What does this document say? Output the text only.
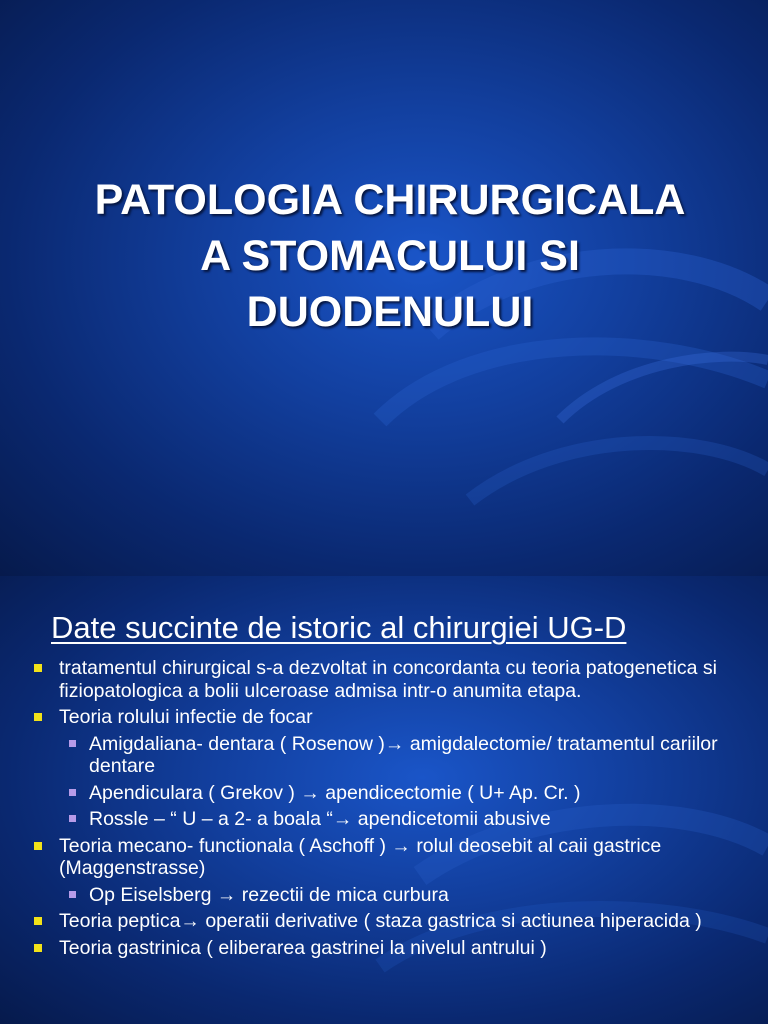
PATOLOGIA CHIRURGICALA
A STOMACULUI SI
DUODENULUI
Date succinte de istoric al chirurgiei UG-D
tratamentul chirurgical s-a dezvoltat in concordanta cu teoria patogenetica si fiziopatologica a bolii ulceroase admisa intr-o anumita etapa.
Teoria rolului infectie de focar
Amigdaliana- dentara ( Rosenow )→ amigdalectomie/ tratamentul cariilor dentare
Apendiculara ( Grekov ) → apendicectomie ( U+ Ap. Cr. )
Rossle – “ U – a 2- a boala “→ apendicetomii abusive
Teoria mecano- functionala ( Aschoff ) → rolul deosebit al caii gastrice (Maggenstrasse)
Op Eiselsberg → rezectii de mica curbura
Teoria peptica→ operatii derivative ( staza gastrica si actiunea hiperacida )
Teoria gastrinica ( eliberarea gastrinei la nivelul antrului )
